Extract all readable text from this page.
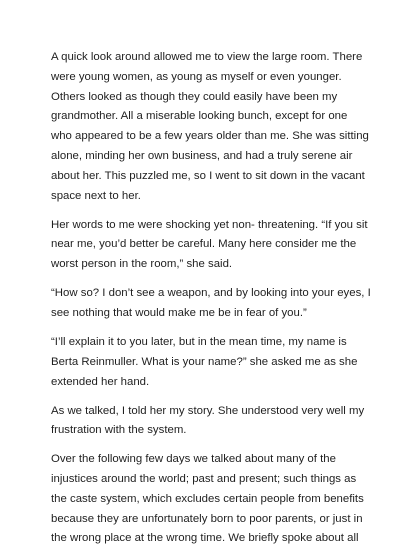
A quick look around allowed me to view the large room. There
were young women, as young as myself or even younger.
Others looked as though they could easily have been my
grandmother. All a miserable looking bunch, except for one
who appeared to be a few years older than me. She was sitting
alone, minding her own business, and had a truly serene air
about her. This puzzled me, so I went to sit down in the vacant
space next to her.

Her words to me were shocking yet non- threatening. “If you sit
near me, you’d better be careful. Many here consider me the
worst person in the room,” she said.

“How so? I don’t see a weapon, and by looking into your eyes, I
see nothing that would make me be in fear of you.”

“I’ll explain it to you later, but in the mean time, my name is
Berta Reinmuller. What is your name?” she asked me as she
extended her hand.

As we talked, I told her my story. She understood very well my
frustration with the system.

Over the following few days we talked about many of the
injustices around the world; past and present; such things as
the caste system, which excludes certain people from benefits
because they are unfortunately born to poor parents, or just in
the wrong place at the wrong time. We briefly spoke about all
